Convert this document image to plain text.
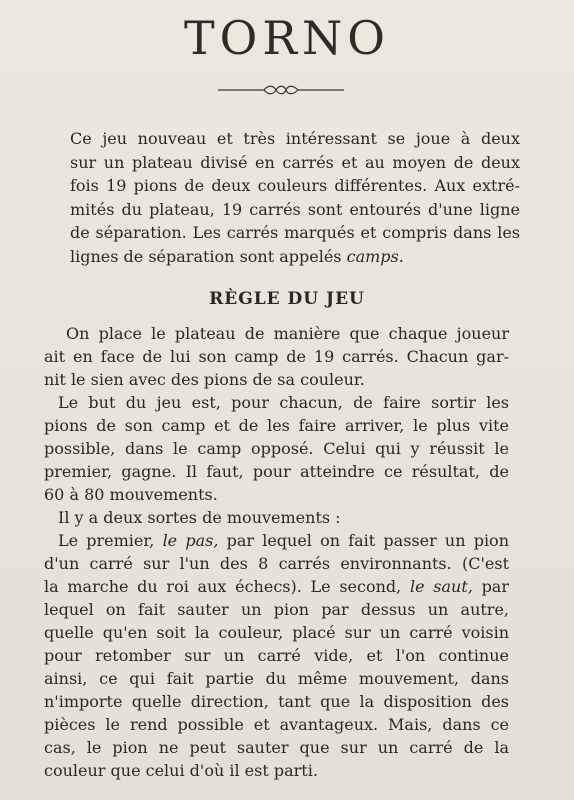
TORNO
Ce jeu nouveau et très intéressant se joue à deux
sur un plateau divisé en carrés et au moyen de deux
fois 19 pions de deux couleurs différentes. Aux extré-
mités du plateau, 19 carrés sont entourés d'une ligne
de séparation. Les carrés marqués et compris dans les
lignes de séparation sont appelés camps.
RÈGLE DU JEU
On place le plateau de manière que chaque joueur
ait en face de lui son camp de 19 carrés. Chacun gar-
nit le sien avec des pions de sa couleur.
Le but du jeu est, pour chacun, de faire sortir les
pions de son camp et de les faire arriver, le plus vite
possible, dans le camp opposé. Celui qui y réussit le
premier, gagne. Il faut, pour atteindre ce résultat, de
60 à 80 mouvements.
Il y a deux sortes de mouvements :
Le premier, le pas, par lequel on fait passer un pion
d'un carré sur l'un des 8 carrés environnants. (C'est
la marche du roi aux échecs). Le second, le saut, par
lequel on fait sauter un pion par dessus un autre,
quelle qu'en soit la couleur, placé sur un carré voisin
pour retomber sur un carré vide, et l'on continue
ainsi, ce qui fait partie du même mouvement, dans
n'importe quelle direction, tant que la disposition des
pièces le rend possible et avantageux. Mais, dans ce
cas, le pion ne peut sauter que sur un carré de la
couleur que celui d'où il est parti.
